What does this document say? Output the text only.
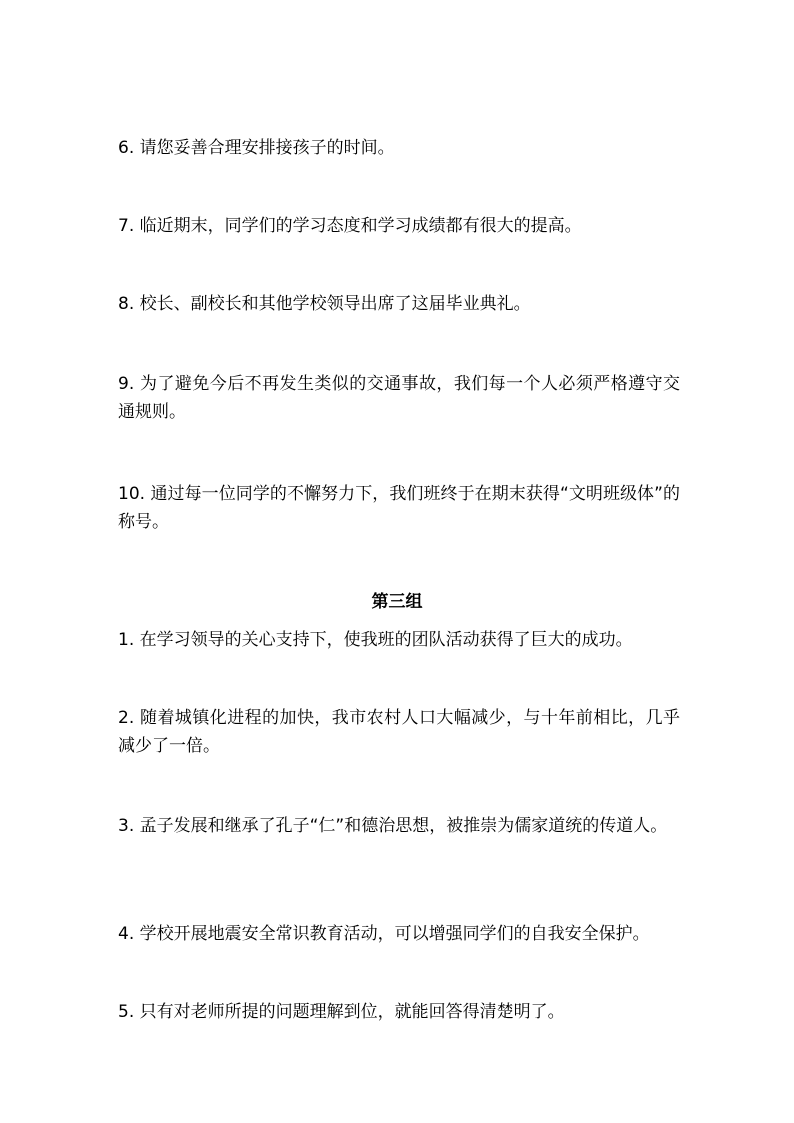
6. 请您妥善合理安排接孩子的时间。
7. 临近期末，同学们的学习态度和学习成绩都有很大的提高。
8. 校长、副校长和其他学校领导出席了这届毕业典礼。
9. 为了避免今后不再发生类似的交通事故，我们每一个人必须严格遵守交通规则。
10. 通过每一位同学的不懈努力下，我们班终于在期末获得“文明班级体”的称号。
第三组
1. 在学习领导的关心支持下，使我班的团队活动获得了巨大的成功。
2. 随着城镇化进程的加快，我市农村人口大幅减少，与十年前相比，几乎减少了一倍。
3. 孟子发展和继承了孔子“仁”和德治思想，被推崇为儒家道统的传道人。
4. 学校开展地震安全常识教育活动，可以增强同学们的自我安全保护。
5. 只有对老师所提的问题理解到位，就能回答得清楚明了。
